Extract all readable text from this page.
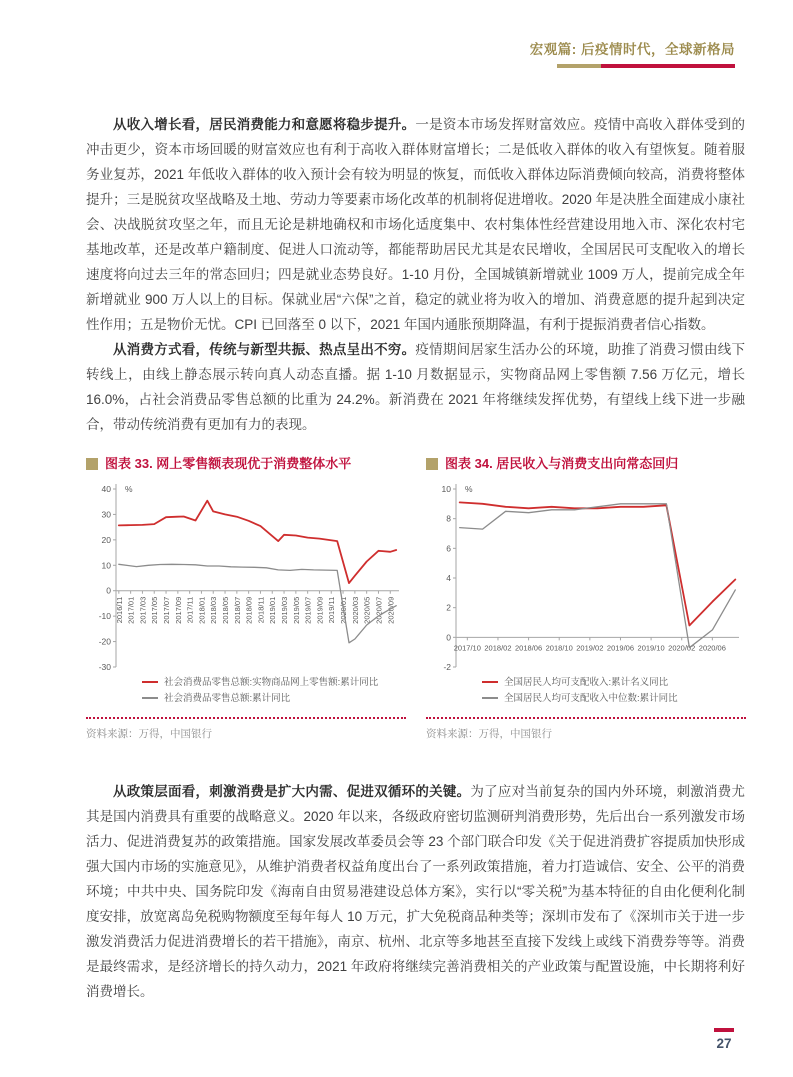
宏观篇: 后疫情时代，全球新格局

从收入增长看，居民消费能力和意愿将稳步提升。一是资本市场发挥财富效应。疫情中高收入群体受到的冲击更少，资本市场回暖的财富效应也有利于高收入群体财富增长；二是低收入群体的收入有望恢复。随着服务业复苏，2021 年低收入群体的收入预计会有较为明显的恢复，而低收入群体边际消费倾向较高，消费将整体提升；三是脱贫攻坚战略及土地、劳动力等要素市场化改革的机制将促进增收。2020 年是决胜全面建成小康社会、决战脱贫攻坚之年，而且无论是耕地确权和市场化适度集中、农村集体性经营建设用地入市、深化农村宅基地改革，还是改革户籍制度、促进人口流动等，都能帮助居民尤其是农民增收，全国居民可支配收入的增长速度将向过去三年的常态回归；四是就业态势良好。1-10 月份，全国城镇新增就业 1009 万人，提前完成全年新增就业 900 万人以上的目标。保就业居“六保”之首，稳定的就业将为收入的增加、消费意愿的提升起到决定性作用；五是物价无忧。CPI 已回落至 0 以下，2021 年国内通胀预期降温，有利于提振消费者信心指数。

从消费方式看，传统与新型共振、热点呈出不穷。疫情期间居家生活办公的环境，助推了消费习惯由线下转线上，由线上静态展示转向真人动态直播。据 1-10 月数据显示，实物商品网上零售额 7.56 万亿元，增长 16.0%，占社会消费品零售总额的比重为 24.2%。新消费在 2021 年将继续发挥优势，有望线上线下进一步融合，带动传统消费有更加有力的表现。

图表 33. 网上零售额表现优于消费整体水平
-30
-20
-10
0
10
20
30
40 %
2016/11 2017/01 2017/03 2017/05 2017/07 2017/09 2017/11 2018/01 2018/03 2018/05 2018/07 2018/09 2018/11 2019/01 2019/03 2019/05 2019/07 2019/09 2019/11 2020/01 2020/03 2020/05 2020/07 2020/09
社会消费品零售总额:实物商品网上零售额:累计同比
社会消费品零售总额:累计同比
资料来源：万得，中国银行
图表 34. 居民收入与消费支出向常态回归
-2
0
2
4
6
8
10 %
2017/10 2018/02 2018/06 2018/10 2019/02 2019/06 2019/10 2020/02 2020/06
全国居民人均可支配收入:累计名义同比
全国居民人均可支配收入中位数:累计同比
资料来源：万得，中国银行

从政策层面看，刺激消费是扩大内需、促进双循环的关键。为了应对当前复杂的国内外环境，刺激消费尤其是国内消费具有重要的战略意义。2020 年以来，各级政府密切监测研判消费形势，先后出台一系列激发市场活力、促进消费复苏的政策措施。国家发展改革委员会等 23 个部门联合印发《关于促进消费扩容提质加快形成强大国内市场的实施意见》，从维护消费者权益角度出台了一系列政策措施，着力打造诚信、安全、公平的消费环境；中共中央、国务院印发《海南自由贸易港建设总体方案》，实行以“零关税”为基本特征的自由化便利化制度安排，放宽离岛免税购物额度至每年每人 10 万元，扩大免税商品种类等；深圳市发布了《深圳市关于进一步激发消费活力促进消费增长的若干措施》，南京、杭州、北京等多地甚至直接下发线上或线下消费券等等。消费是最终需求，是经济增长的持久动力，2021 年政府将继续完善消费相关的产业政策与配置设施，中长期将利好消费增长。

27
